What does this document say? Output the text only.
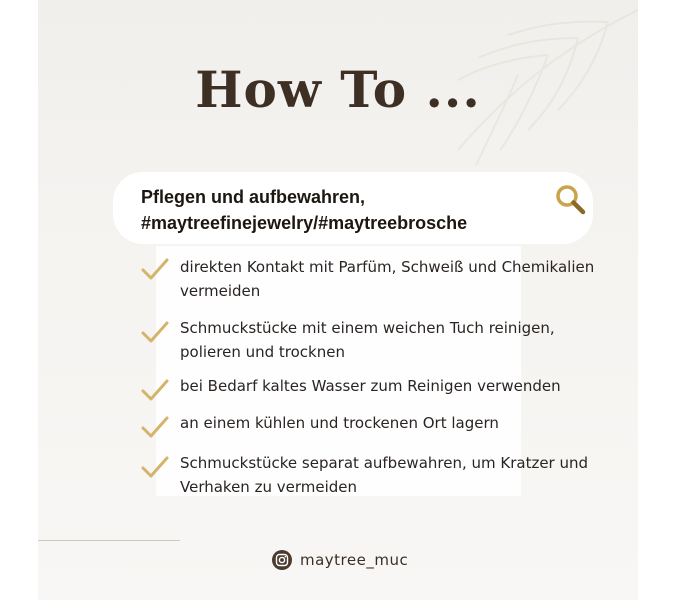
How To ...
Pflegen und aufbewahren,
#maytreefinejewelry/#maytreebrosche
direkten Kontakt mit Parfüm, Schweiß und Chemikalien
vermeiden
Schmuckstücke mit einem weichen Tuch reinigen,
polieren und trocknen
bei Bedarf kaltes Wasser zum Reinigen verwenden
an einem kühlen und trockenen Ort lagern
Schmuckstücke separat aufbewahren, um Kratzer und
Verhaken zu vermeiden
maytree_muc
